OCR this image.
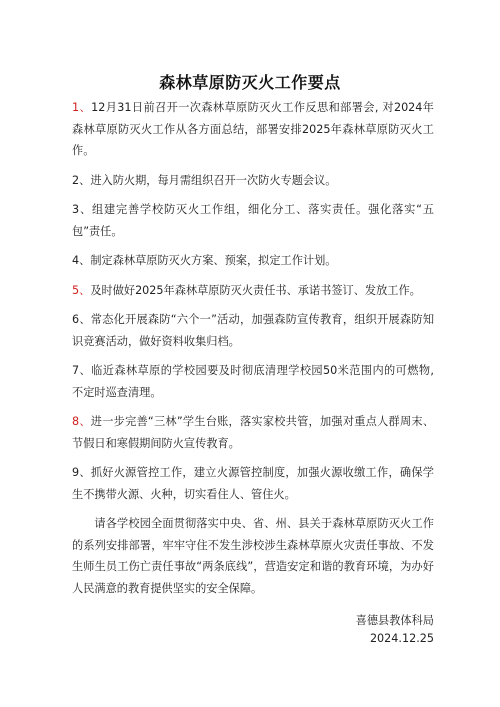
森林草原防灭火工作要点

1、12月31日前召开一次森林草原防灭火工作反思和部署会, 对2024年森林草原防灭火工作从各方面总结，部署安排2025年森林草原防灭火工作。

2、进入防火期，每月需组织召开一次防火专题会议。

3、组建完善学校防灭火工作组，细化分工、落实责任。强化落实“五包”责任。

4、制定森林草原防灭火方案、预案，拟定工作计划。

5、及时做好2025年森林草原防灭火责任书、承诺书签订、发放工作。

6、常态化开展森防“六个一”活动，加强森防宣传教育，组织开展森防知识竞赛活动，做好资料收集归档。

7、临近森林草原的学校园要及时彻底清理学校园50米范围内的可燃物, 不定时巡查清理。

8、进一步完善“三林”学生台账，落实家校共管，加强对重点人群周末、节假日和寒假期间防火宣传教育。

9、抓好火源管控工作，建立火源管控制度，加强火源收缴工作，确保学生不携带火源、火种，切实看住人、管住火。

请各学校园全面贯彻落实中央、省、州、县关于森林草原防灭火工作的系列安排部署，牢牢守住不发生涉校涉生森林草原火灾责任事故、不发生师生员工伤亡责任事故“两条底线”，营造安定和谐的教育环境，为办好人民满意的教育提供坚实的安全保障。

喜德县教体科局
2024.12.25
